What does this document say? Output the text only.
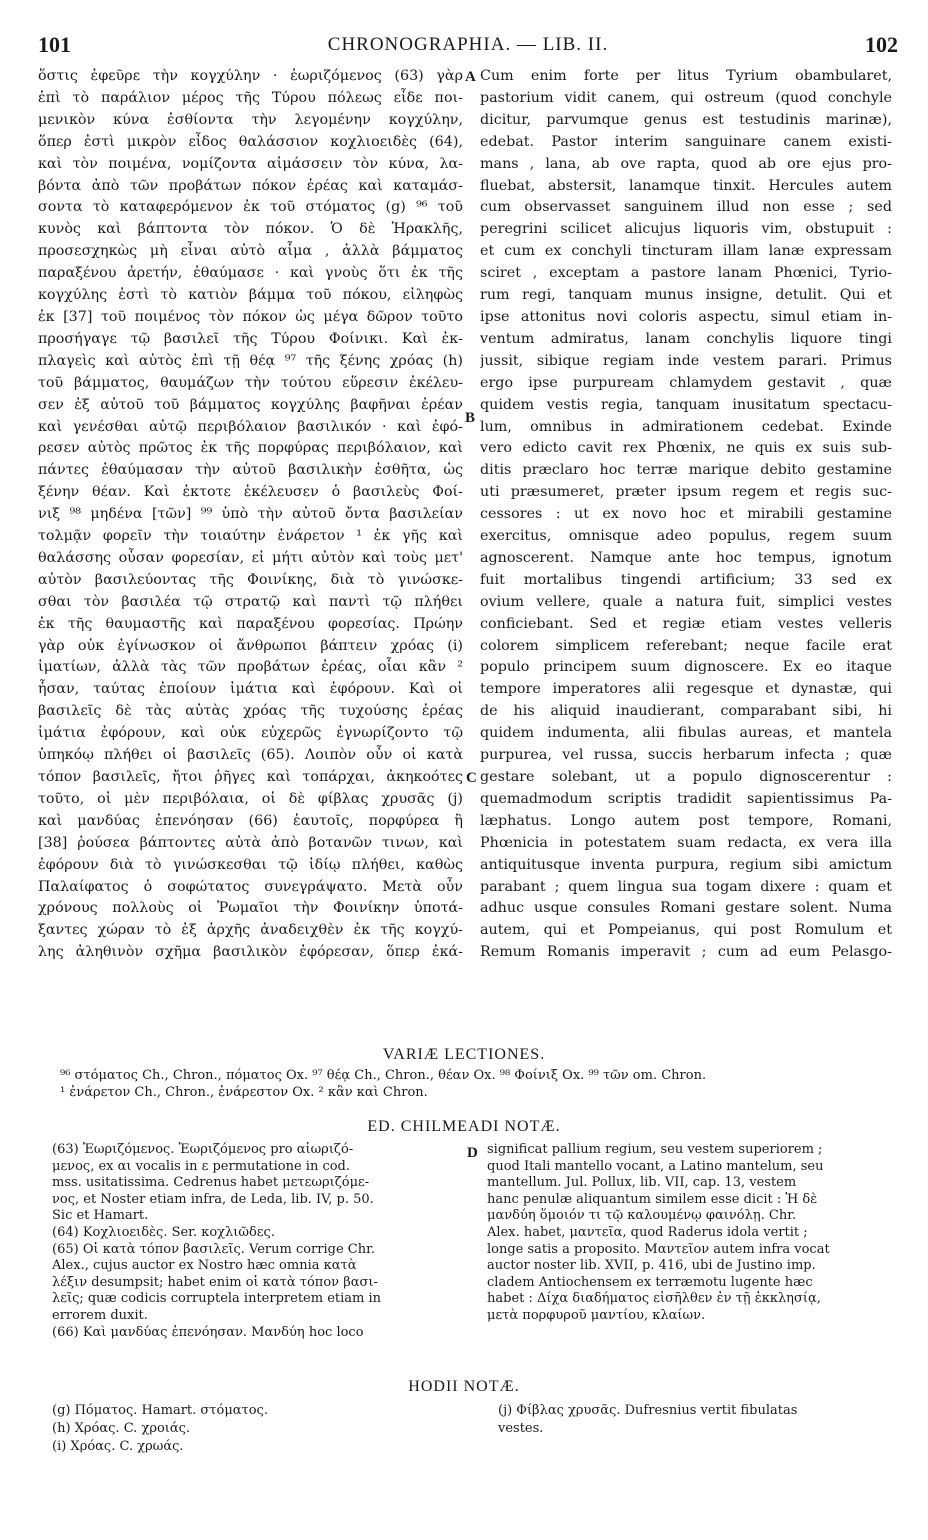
101	CHRONOGRAPHIA. — LIB. II.	102
ὅστις ἐφεῦρε τὴν κογχύλην · ἐωριζόμενος (63) γὰρ
ἐπὶ τὸ παράλιον μέρος τῆς Τύρου πόλεως εἶδε ποι-
μενικὸν κύνα ἐσθίοντα τὴν λεγομένην κογχύλην,
ὅπερ ἐστὶ μικρὸν εἶδος θαλάσσιον κοχλιοειδὲς (64),
καὶ τὸν ποιμένα, νομίζοντα αἱμάσσειν τὸν κύνα, λα-
βόντα ἀπὸ τῶν προβάτων πόκον ἐρέας καὶ καταμάσ-
σοντα τὸ καταφερόμενον ἐκ τοῦ στόματος (g) ⁹⁶ τοῦ
κυνὸς καὶ βάπτοντα τὸν πόκον. Ὁ δὲ Ἡρακλῆς,
προσεσχηκὼς μὴ εἶναι αὐτὸ αἷμα , ἀλλὰ βάμματος
παραξένου ἀρετήν, ἐθαύμασε · καὶ γνοὺς ὅτι ἐκ τῆς
κογχύλης ἐστὶ τὸ κατιὸν βάμμα τοῦ πόκου, εἰληφὼς
ἐκ [37] τοῦ ποιμένος τὸν πόκον ὡς μέγα δῶρον τοῦτο
προσήγαγε τῷ βασιλεῖ τῆς Τύρου Φοίνικι. Καὶ ἐκ-
πλαγεὶς καὶ αὐτὸς ἐπὶ τῇ θέᾳ ⁹⁷ τῆς ξένης χρόας (h)
τοῦ βάμματος, θαυμάζων τὴν τούτου εὕρεσιν ἐκέλευ-
σεν ἐξ αὐτοῦ τοῦ βάμματος κογχύλης βαφῆναι ἐρέαν
καὶ γενέσθαι αὐτῷ περιβόλαιον βασιλικόν · καὶ ἐφό-
ρεσεν αὐτὸς πρῶτος ἐκ τῆς πορφύρας περιβόλαιον, καὶ
πάντες ἐθαύμασαν τὴν αὐτοῦ βασιλικὴν ἐσθῆτα, ὡς
ξένην θέαν. Καὶ ἐκτοτε ἐκέλευσεν ὁ βασιλεὺς Φοί-
νιξ ⁹⁸ μηδένα [τῶν] ⁹⁹ ὑπὸ τὴν αὐτοῦ ὄντα βασιλείαν
τολμᾷν φορεῖν τὴν τοιαύτην ἐνάρετον ¹ ἐκ γῆς καὶ
θαλάσσης οὖσαν φορεσίαν, εἰ μήτι αὐτὸν καὶ τοὺς μετ'
αὐτὸν βασιλεύοντας τῆς Φοινίκης, διὰ τὸ γινώσκε-
σθαι τὸν βασιλέα τῷ στρατῷ καὶ παντὶ τῷ πλήθει
ἐκ τῆς θαυμαστῆς καὶ παραξένου φορεσίας. Πρώην
γὰρ οὐκ ἐγίνωσκον οἱ ἄνθρωποι βάπτειν χρόας (i)
ἱματίων, ἀλλὰ τὰς τῶν προβάτων ἐρέας, οἷαι κἂν ²
ἦσαν, ταύτας ἐποίουν ἱμάτια καὶ ἐφόρουν. Καὶ οἱ
βασιλεῖς δὲ τὰς αὐτὰς χρόας τῆς τυχούσης ἐρέας
ἱμάτια ἐφόρουν, καὶ οὐκ εὐχερῶς ἐγνωρίζοντο τῷ
ὑπηκόῳ πλήθει οἱ βασιλεῖς (65). Λοιπὸν οὖν οἱ κατὰ
τόπον βασιλεῖς, ἤτοι ῥῆγες καὶ τοπάρχαι, ἀκηκοότες
τοῦτο, οἱ μὲν περιβόλαια, οἱ δὲ φίβλας χρυσᾶς (j)
καὶ μανδύας ἐπενόησαν (66) ἑαυτοῖς, πορφύρεα ἢ
[38] ῥούσεα βάπτοντες αὐτὰ ἀπὸ βοτανῶν τινων, καὶ
ἐφόρουν διὰ τὸ γινώσκεσθαι τῷ ἰδίῳ πλήθει, καθὼς
Παλαίφατος ὁ σοφώτατος συνεγράψατο. Μετὰ οὖν
χρόνους πολλοὺς οἱ Ῥωμαῖοι τὴν Φοινίκην ὑποτά-
ξαντες χώραν τὸ ἐξ ἀρχῆς ἀναδειχθὲν ἐκ τῆς κογχύ-
λης ἀληθινὸν σχῆμα βασιλικὸν ἐφόρεσαν, ὅπερ ἐκά-
Cum enim forte per litus Tyrium obambularet,
pastorium vidit canem, qui ostreum (quod conchyle
dicitur, parvumque genus est testudinis marinæ),
edebat. Pastor interim sanguinare canem existi-
mans , lana, ab ove rapta, quod ab ore ejus pro-
fluebat, abstersit, lanamque tinxit. Hercules autem
cum observasset sanguinem illud non esse ; sed
peregrini scilicet alicujus liquoris vim, obstupuit :
et cum ex conchyli tincturam illam lanæ expressam
sciret , exceptam a pastore lanam Phœnici, Tyrio-
rum regi, tanquam munus insigne, detulit. Qui et
ipse attonitus novi coloris aspectu, simul etiam in-
ventum admiratus, lanam conchylis liquore tingi
jussit, sibique regiam inde vestem parari. Primus
ergo ipse purpuream chlamydem gestavit , quæ
quidem vestis regia, tanquam inusitatum spectacu-
lum, omnibus in admirationem cedebat. Exinde
vero edicto cavit rex Phœnix, ne quis ex suis sub-
ditis præclaro hoc terræ marique debito gestamine
uti præsumeret, præter ipsum regem et regis suc-
cessores : ut ex novo hoc et mirabili gestamine
exercitus, omnisque adeo populus, regem suum
agnoscerent. Namque ante hoc tempus, ignotum
fuit mortalibus tingendi artificium; 33 sed ex
ovium vellere, quale a natura fuit, simplici vestes
conficiebant. Sed et regiæ etiam vestes velleris
colorem simplicem referebant; neque facile erat
populo principem suum dignoscere. Ex eo itaque
tempore imperatores alii regesque et dynastæ, qui
de his aliquid inaudierant, comparabant sibi, hi
quidem indumenta, alii fibulas aureas, et mantela
purpurea, vel russa, succis herbarum infecta ; quæ
gestare solebant, ut a populo dignoscerentur :
quemadmodum scriptis tradidit sapientissimus Pa-
læphatus. Longo autem post tempore, Romani,
Phœnicia in potestatem suam redacta, ex vera illa
antiquitusque inventa purpura, regium sibi amictum
parabant ; quem lingua sua togam dixere : quam et
adhuc usque consules Romani gestare solent. Numa
autem, qui et Pompeianus, qui post Romulum et
Remum Romanis imperavit ; cum ad eum Pelasgo-
A
B
C
D
VARIÆ LECTIONES.
⁹⁶ στόματος Ch., Chron., πόματος Ox. ⁹⁷ θέᾳ Ch., Chron., θέαν Ox. ⁹⁸ Φοίνιξ Ox. ⁹⁹ τῶν om. Chron.
¹ ἐνάρετον Ch., Chron., ἐνάρεστον Ox. ² κἂν καὶ Chron.
ED. CHILMEADI NOTÆ.
(63) Ἐωριζόμενος. Ἐωριζόμενος pro αἰωριζό-
μενος, ex αι vocalis in ε permutatione in cod.
mss. usitatissima. Cedrenus habet μετεωριζόμε-
νος, et Noster etiam infra, de Leda, lib. IV, p. 50.
Sic et Hamart.
(64) Κοχλιοειδὲς. Ser. κοχλιῶδες.
(65) Οἱ κατὰ τόπον βασιλεῖς. Verum corrige Chr.
Alex., cujus auctor ex Nostro hæc omnia κατὰ
λέξιν desumpsit; habet enim οἱ κατὰ τόπον βασι-
λεῖς; quæ codicis corruptela interpretem etiam in
errorem duxit.
(66) Καὶ μανδύας ἐπενόησαν. Μανδύη hoc loco
significat pallium regium, seu vestem superiorem ;
quod Itali mantello vocant, a Latino mantelum, seu
mantellum. Jul. Pollux, lib. VII, cap. 13, vestem
hanc penulæ aliquantum similem esse dicit : Ἡ δὲ
μανδύη ὅμοιόν τι τῷ καλουμένῳ φαινόλῃ. Chr.
Alex. habet, μαντεῖα, quod Raderus idola vertit ;
longe satis a proposito. Μαντεῖον autem infra vocat
auctor noster lib. XVII, p. 416, ubi de Justino imp.
cladem Antiochensem ex terræmotu lugente hæc
habet : Δίχα διαδήματος εἰσῆλθεν ἐν τῇ ἐκκλησίᾳ,
μετὰ πορφυροῦ μαντίου, κλαίων.
HODII NOTÆ.
(g) Πόματος. Hamart. στόματος.
(h) Χρόας. C. χροιάς.
(i) Χρόας. C. χρωάς.
(j) Φίβλας χρυσᾶς. Dufresnius vertit fibulatas
vestes.
